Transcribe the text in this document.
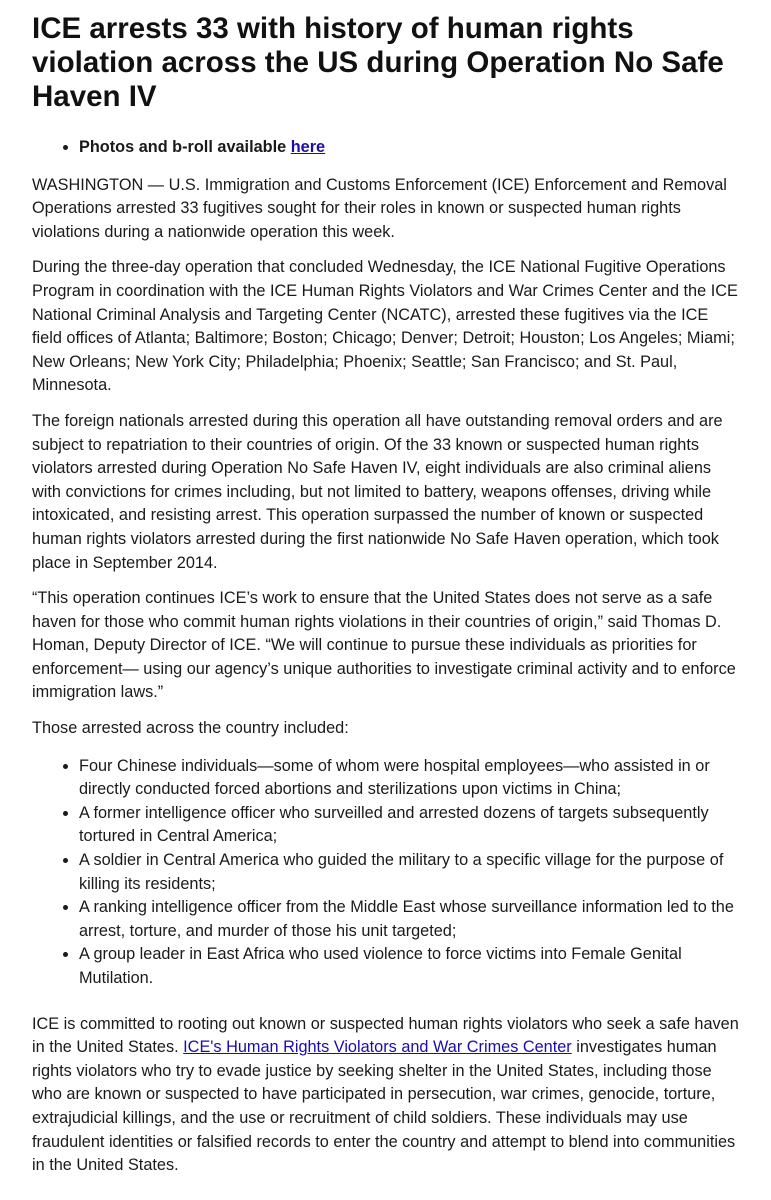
ICE arrests 33 with history of human rights violation across the US during Operation No Safe Haven IV
• Photos and b-roll available here

WASHINGTON — U.S. Immigration and Customs Enforcement (ICE) Enforcement and Removal Operations arrested 33 fugitives sought for their roles in known or suspected human rights violations during a nationwide operation this week.

During the three-day operation that concluded Wednesday, the ICE National Fugitive Operations Program in coordination with the ICE Human Rights Violators and War Crimes Center and the ICE National Criminal Analysis and Targeting Center (NCATC), arrested these fugitives via the ICE field offices of Atlanta; Baltimore; Boston; Chicago; Denver; Detroit; Houston; Los Angeles; Miami; New Orleans; New York City; Philadelphia; Phoenix; Seattle; San Francisco; and St. Paul, Minnesota.

The foreign nationals arrested during this operation all have outstanding removal orders and are subject to repatriation to their countries of origin. Of the 33 known or suspected human rights violators arrested during Operation No Safe Haven IV, eight individuals are also criminal aliens with convictions for crimes including, but not limited to battery, weapons offenses, driving while intoxicated, and resisting arrest. This operation surpassed the number of known or suspected human rights violators arrested during the first nationwide No Safe Haven operation, which took place in September 2014.

“This operation continues ICE’s work to ensure that the United States does not serve as a safe haven for those who commit human rights violations in their countries of origin,” said Thomas D. Homan, Deputy Director of ICE. “We will continue to pursue these individuals as priorities for enforcement— using our agency’s unique authorities to investigate criminal activity and to enforce immigration laws.”

Those arrested across the country included:

• Four Chinese individuals—some of whom were hospital employees—who assisted in or directly conducted forced abortions and sterilizations upon victims in China;
• A former intelligence officer who surveilled and arrested dozens of targets subsequently tortured in Central America;
• A soldier in Central America who guided the military to a specific village for the purpose of killing its residents;
• A ranking intelligence officer from the Middle East whose surveillance information led to the arrest, torture, and murder of those his unit targeted;
• A group leader in East Africa who used violence to force victims into Female Genital Mutilation.

ICE is committed to rooting out known or suspected human rights violators who seek a safe haven in the United States. ICE's Human Rights Violators and War Crimes Center investigates human rights violators who try to evade justice by seeking shelter in the United States, including those who are known or suspected to have participated in persecution, war crimes, genocide, torture, extrajudicial killings, and the use or recruitment of child soldiers. These individuals may use fraudulent identities or falsified records to enter the country and attempt to blend into communities in the United States.
